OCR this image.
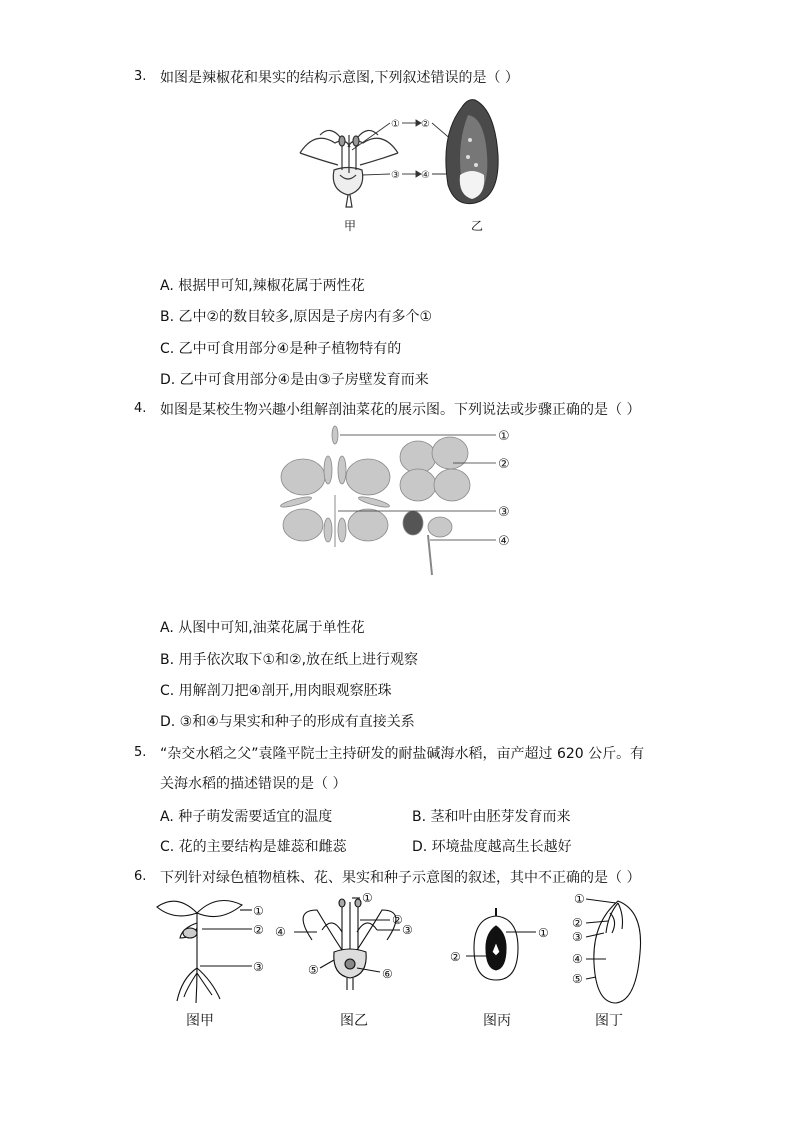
3. 如图是辣椒花和果实的结构示意图,下列叙述错误的是（ ）
①
③
②
④
甲	乙
A. 根据甲可知,辣椒花属于两性花
B. 乙中②的数目较多,原因是子房内有多个①
C. 乙中可食用部分④是种子植物特有的
D. 乙中可食用部分④是由③子房壁发育而来
4. 如图是某校生物兴趣小组解剖油菜花的展示图。下列说法或步骤正确的是（ ）
①
②
③
④
A. 从图中可知,油菜花属于单性花
B. 用手依次取下①和②,放在纸上进行观察
C. 用解剖刀把④剖开,用肉眼观察胚珠
D. ③和④与果实和种子的形成有直接关系
5. “杂交水稻之父”袁隆平院士主持研发的耐盐碱海水稻，亩产超过 620 公斤。有
关海水稻的描述错误的是（ ）
A. 种子萌发需要适宜的温度	B. 茎和叶由胚芽发育而来
C. 花的主要结构是雄蕊和雌蕊	D. 环境盐度越高生长越好
6. 下列针对绿色植物植株、花、果实和种子示意图的叙述，其中不正确的是（ ）
①
②
③
①
②
③
④
⑤	⑥
①
②
①
②
③
④
⑤
图甲	图乙	图丙	图丁
